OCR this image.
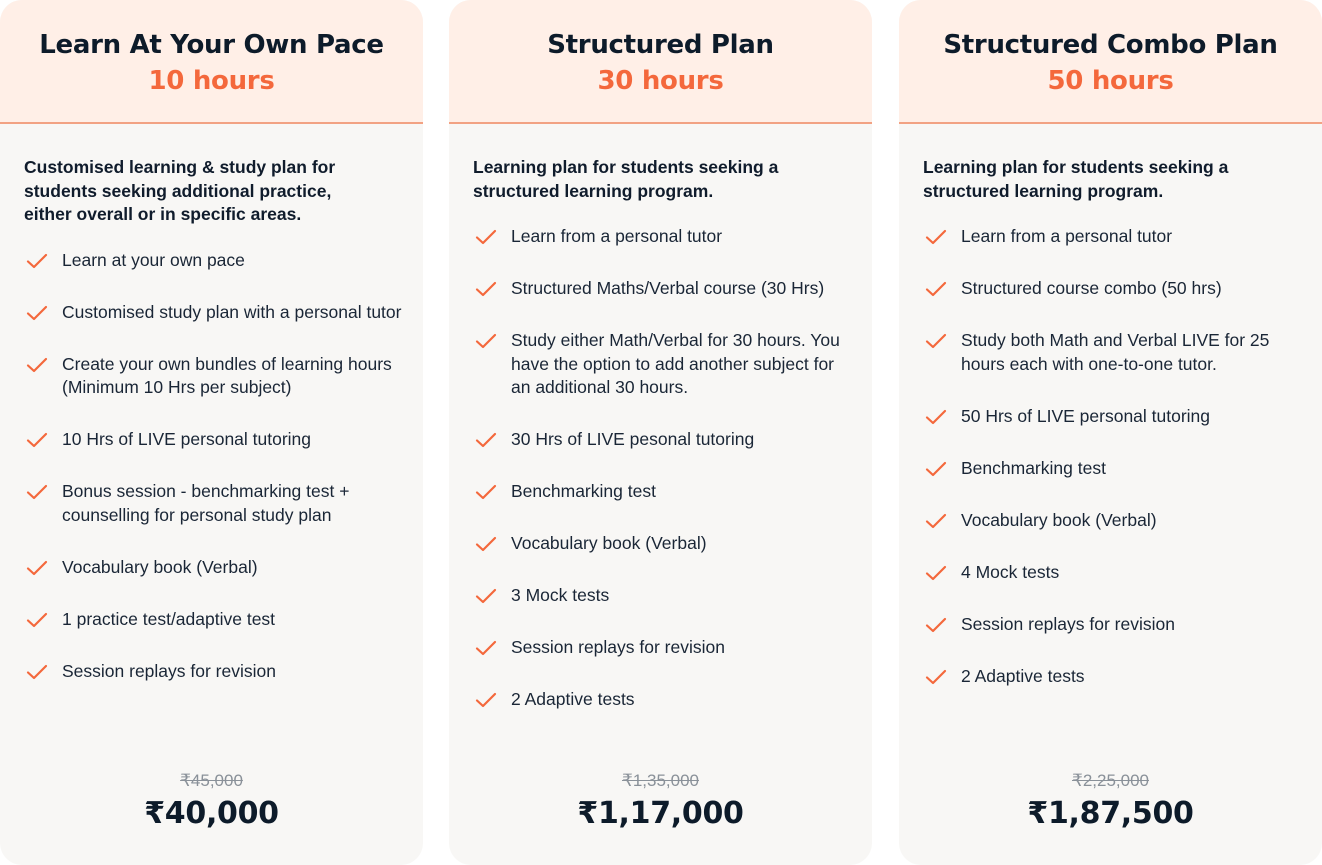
Learn At Your Own Pace
10 hours

Customised learning & study plan for students seeking additional practice, either overall or in specific areas.

Learn at your own pace
Customised study plan with a personal tutor
Create your own bundles of learning hours (Minimum 10 Hrs per subject)
10 Hrs of LIVE personal tutoring
Bonus session - benchmarking test + counselling for personal study plan
Vocabulary book (Verbal)
1 practice test/adaptive test
Session replays for revision
₹45,000
₹40,000
Structured Plan
30 hours

Learning plan for students seeking a structured learning program.

Learn from a personal tutor
Structured Maths/Verbal course (30 Hrs)
Study either Math/Verbal for 30 hours. You have the option to add another subject for an additional 30 hours.
30 Hrs of LIVE pesonal tutoring
Benchmarking test
Vocabulary book (Verbal)
3 Mock tests
Session replays for revision
2 Adaptive tests
₹1,35,000
₹1,17,000
Structured Combo Plan
50 hours

Learning plan for students seeking a structured learning program.

Learn from a personal tutor
Structured course combo (50 hrs)
Study both Math and Verbal LIVE for 25 hours each with one-to-one tutor.
50 Hrs of LIVE personal tutoring
Benchmarking test
Vocabulary book (Verbal)
4 Mock tests
Session replays for revision
2 Adaptive tests
₹2,25,000
₹1,87,500
